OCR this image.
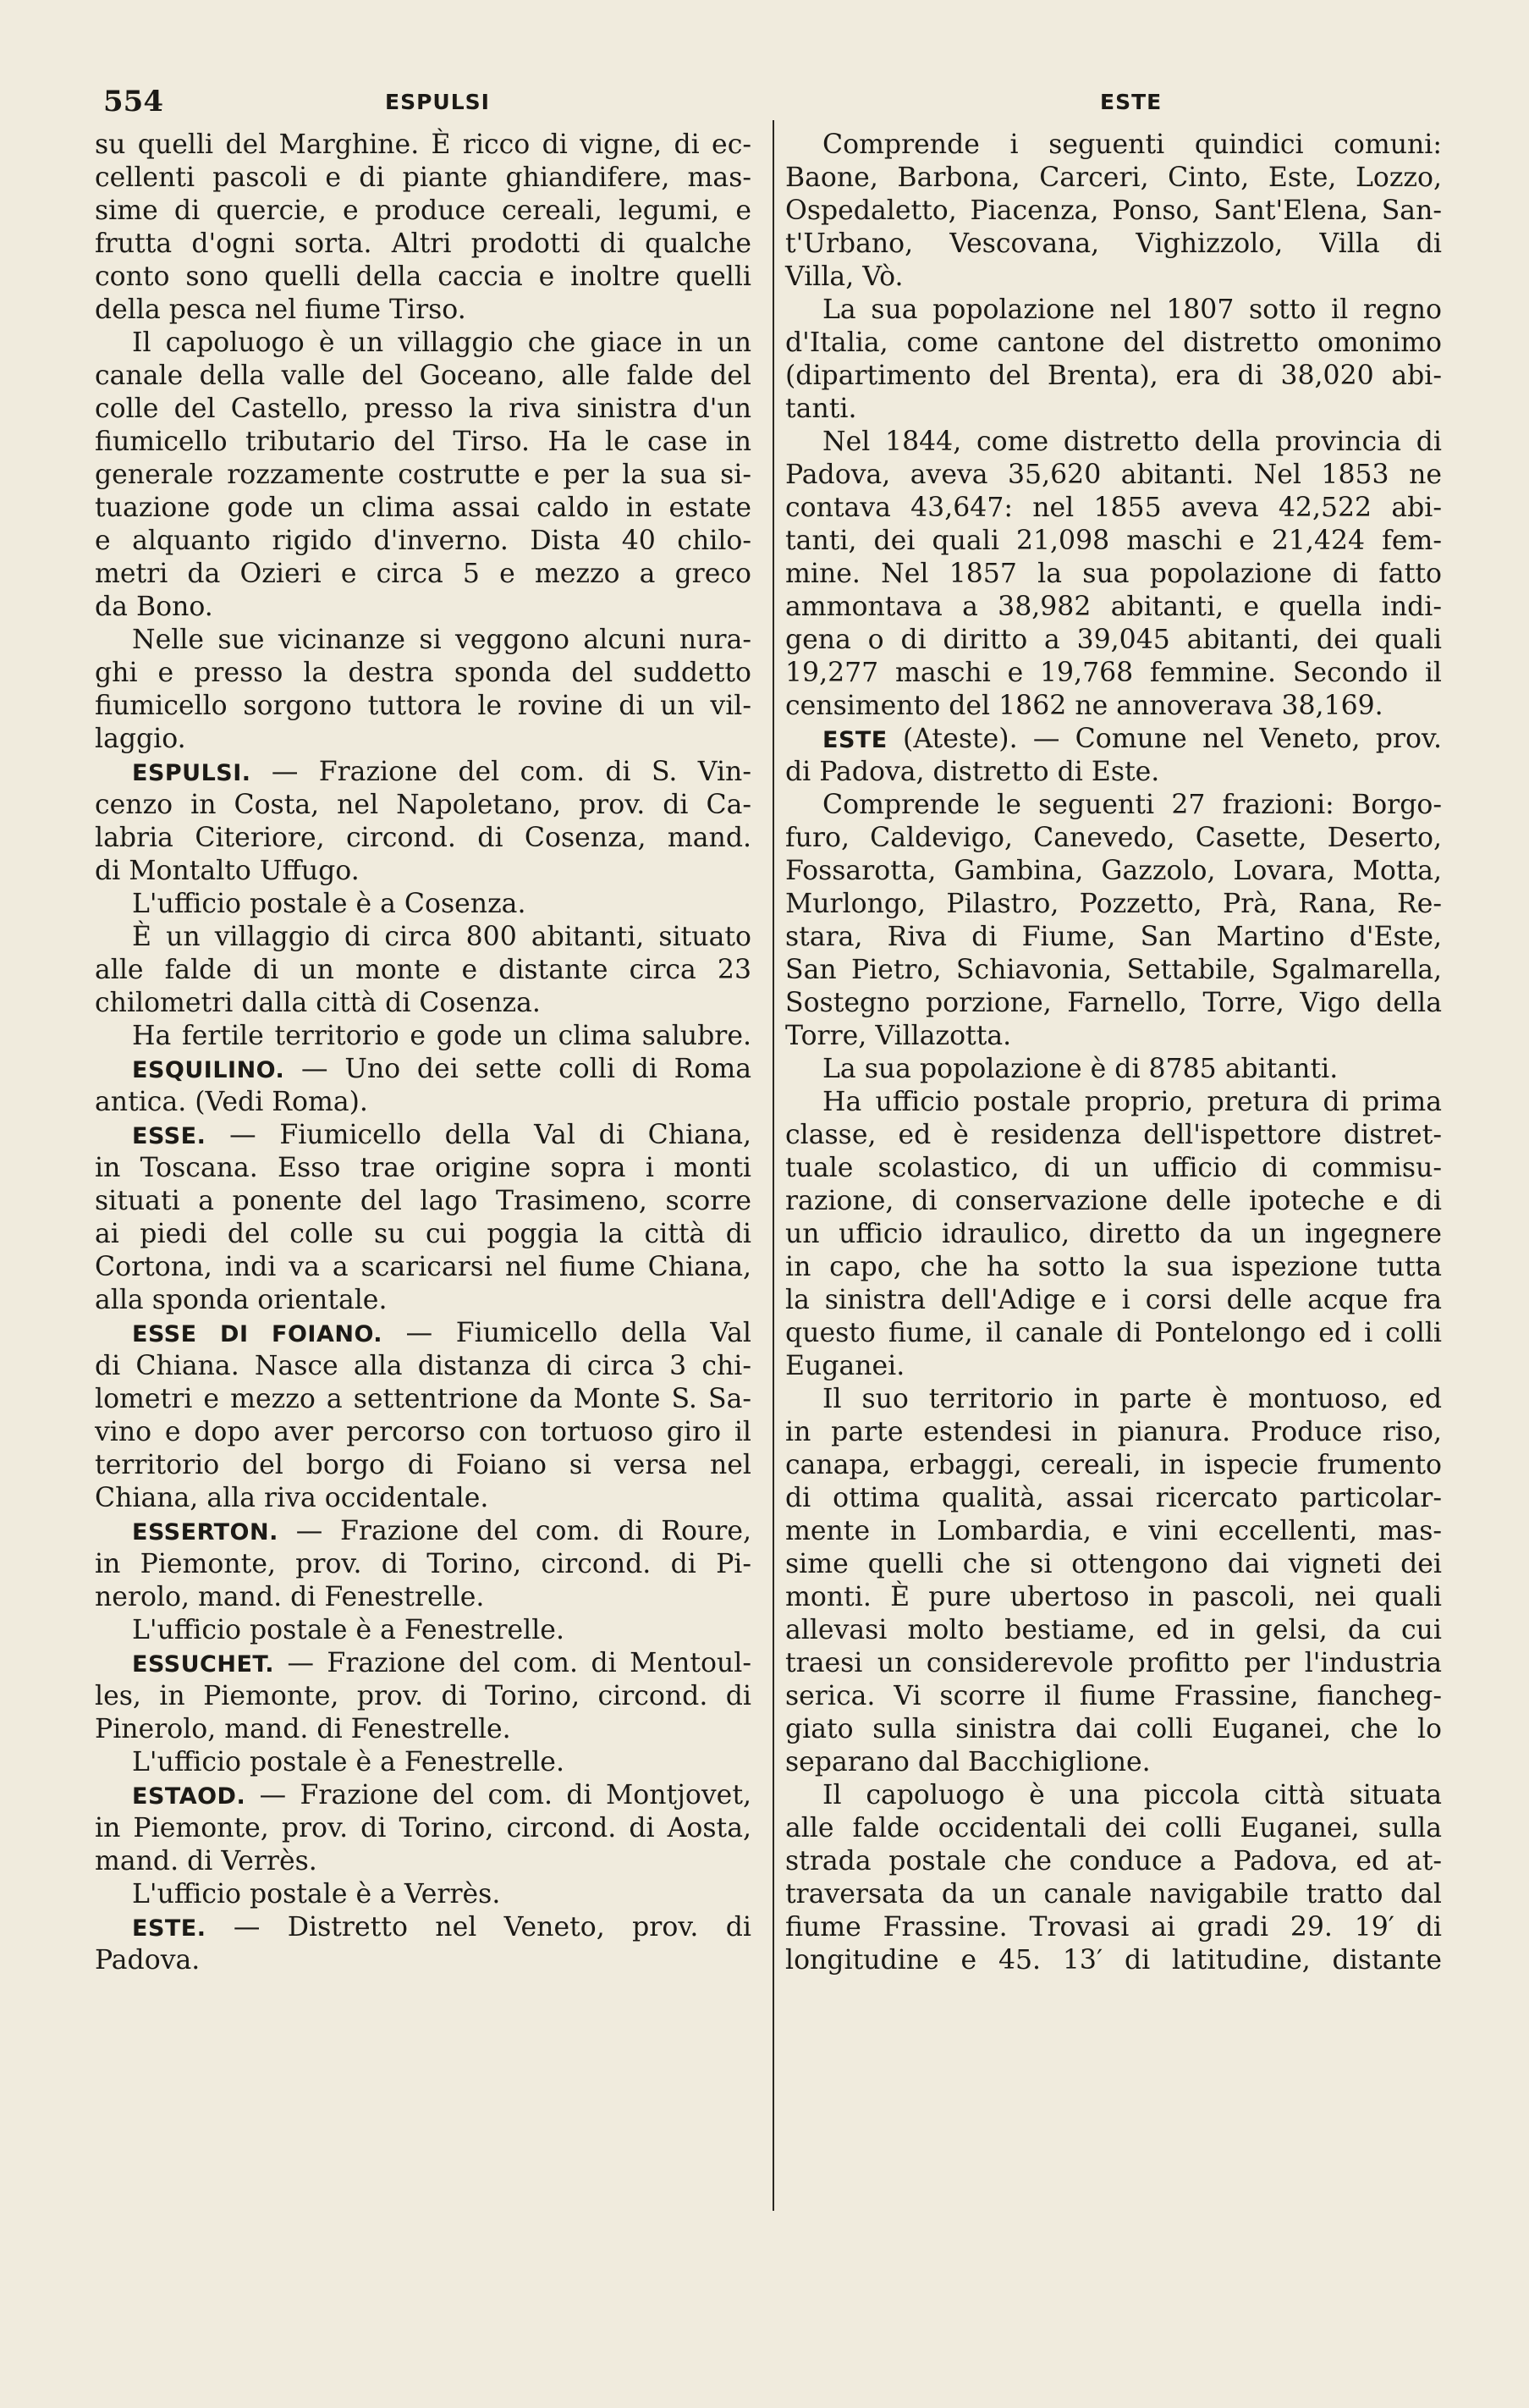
554	ESPULSI	ESTE
su quelli del Marghine. È ricco di vigne, di ec-
cellenti pascoli e di piante ghiandifere, mas-
sime di quercie, e produce cereali, legumi, e
frutta d'ogni sorta. Altri prodotti di qualche
conto sono quelli della caccia e inoltre quelli
della pesca nel fiume Tirso.
Il capoluogo è un villaggio che giace in un
canale della valle del Goceano, alle falde del
colle del Castello, presso la riva sinistra d'un
fiumicello tributario del Tirso. Ha le case in
generale rozzamente costrutte e per la sua si-
tuazione gode un clima assai caldo in estate
e alquanto rigido d'inverno. Dista 40 chilo-
metri da Ozieri e circa 5 e mezzo a greco
da Bono.
Nelle sue vicinanze si veggono alcuni nura-
ghi e presso la destra sponda del suddetto
fiumicello sorgono tuttora le rovine di un vil-
laggio.
ESPULSI. — Frazione del com. di S. Vin-
cenzo in Costa, nel Napoletano, prov. di Ca-
labria Citeriore, circond. di Cosenza, mand.
di Montalto Uffugo.
L'ufficio postale è a Cosenza.
È un villaggio di circa 800 abitanti, situato
alle falde di un monte e distante circa 23
chilometri dalla città di Cosenza.
Ha fertile territorio e gode un clima salubre.
ESQUILINO. — Uno dei sette colli di Roma
antica. (Vedi Roma).
ESSE. — Fiumicello della Val di Chiana,
in Toscana. Esso trae origine sopra i monti
situati a ponente del lago Trasimeno, scorre
ai piedi del colle su cui poggia la città di
Cortona, indi va a scaricarsi nel fiume Chiana,
alla sponda orientale.
ESSE DI FOIANO. — Fiumicello della Val
di Chiana. Nasce alla distanza di circa 3 chi-
lometri e mezzo a settentrione da Monte S. Sa-
vino e dopo aver percorso con tortuoso giro il
territorio del borgo di Foiano si versa nel
Chiana, alla riva occidentale.
ESSERTON. — Frazione del com. di Roure,
in Piemonte, prov. di Torino, circond. di Pi-
nerolo, mand. di Fenestrelle.
L'ufficio postale è a Fenestrelle.
ESSUCHET. — Frazione del com. di Mentoul-
les, in Piemonte, prov. di Torino, circond. di
Pinerolo, mand. di Fenestrelle.
L'ufficio postale è a Fenestrelle.
ESTAOD. — Frazione del com. di Montjovet,
in Piemonte, prov. di Torino, circond. di Aosta,
mand. di Verrès.
L'ufficio postale è a Verrès.
ESTE. — Distretto nel Veneto, prov. di
Padova.
Comprende i seguenti quindici comuni:
Baone, Barbona, Carceri, Cinto, Este, Lozzo,
Ospedaletto, Piacenza, Ponso, Sant'Elena, San-
t'Urbano, Vescovana, Vighizzolo, Villa di
Villa, Vò.
La sua popolazione nel 1807 sotto il regno
d'Italia, come cantone del distretto omonimo
(dipartimento del Brenta), era di 38,020 abi-
tanti.
Nel 1844, come distretto della provincia di
Padova, aveva 35,620 abitanti. Nel 1853 ne
contava 43,647: nel 1855 aveva 42,522 abi-
tanti, dei quali 21,098 maschi e 21,424 fem-
mine. Nel 1857 la sua popolazione di fatto
ammontava a 38,982 abitanti, e quella indi-
gena o di diritto a 39,045 abitanti, dei quali
19,277 maschi e 19,768 femmine. Secondo il
censimento del 1862 ne annoverava 38,169.
ESTE (Ateste). — Comune nel Veneto, prov.
di Padova, distretto di Este.
Comprende le seguenti 27 frazioni: Borgo-
furo, Caldevigo, Canevedo, Casette, Deserto,
Fossarotta, Gambina, Gazzolo, Lovara, Motta,
Murlongo, Pilastro, Pozzetto, Prà, Rana, Re-
stara, Riva di Fiume, San Martino d'Este,
San Pietro, Schiavonia, Settabile, Sgalmarella,
Sostegno porzione, Farnello, Torre, Vigo della
Torre, Villazotta.
La sua popolazione è di 8785 abitanti.
Ha ufficio postale proprio, pretura di prima
classe, ed è residenza dell'ispettore distret-
tuale scolastico, di un ufficio di commisu-
razione, di conservazione delle ipoteche e di
un ufficio idraulico, diretto da un ingegnere
in capo, che ha sotto la sua ispezione tutta
la sinistra dell'Adige e i corsi delle acque fra
questo fiume, il canale di Pontelongo ed i colli
Euganei.
Il suo territorio in parte è montuoso, ed
in parte estendesi in pianura. Produce riso,
canapa, erbaggi, cereali, in ispecie frumento
di ottima qualità, assai ricercato particolar-
mente in Lombardia, e vini eccellenti, mas-
sime quelli che si ottengono dai vigneti dei
monti. È pure ubertoso in pascoli, nei quali
allevasi molto bestiame, ed in gelsi, da cui
traesi un considerevole profitto per l'industria
serica. Vi scorre il fiume Frassine, fiancheg-
giato sulla sinistra dai colli Euganei, che lo
separano dal Bacchiglione.
Il capoluogo è una piccola città situata
alle falde occidentali dei colli Euganei, sulla
strada postale che conduce a Padova, ed at-
traversata da un canale navigabile tratto dal
fiume Frassine. Trovasi ai gradi 29. 19′ di
longitudine e 45. 13′ di latitudine, distante
